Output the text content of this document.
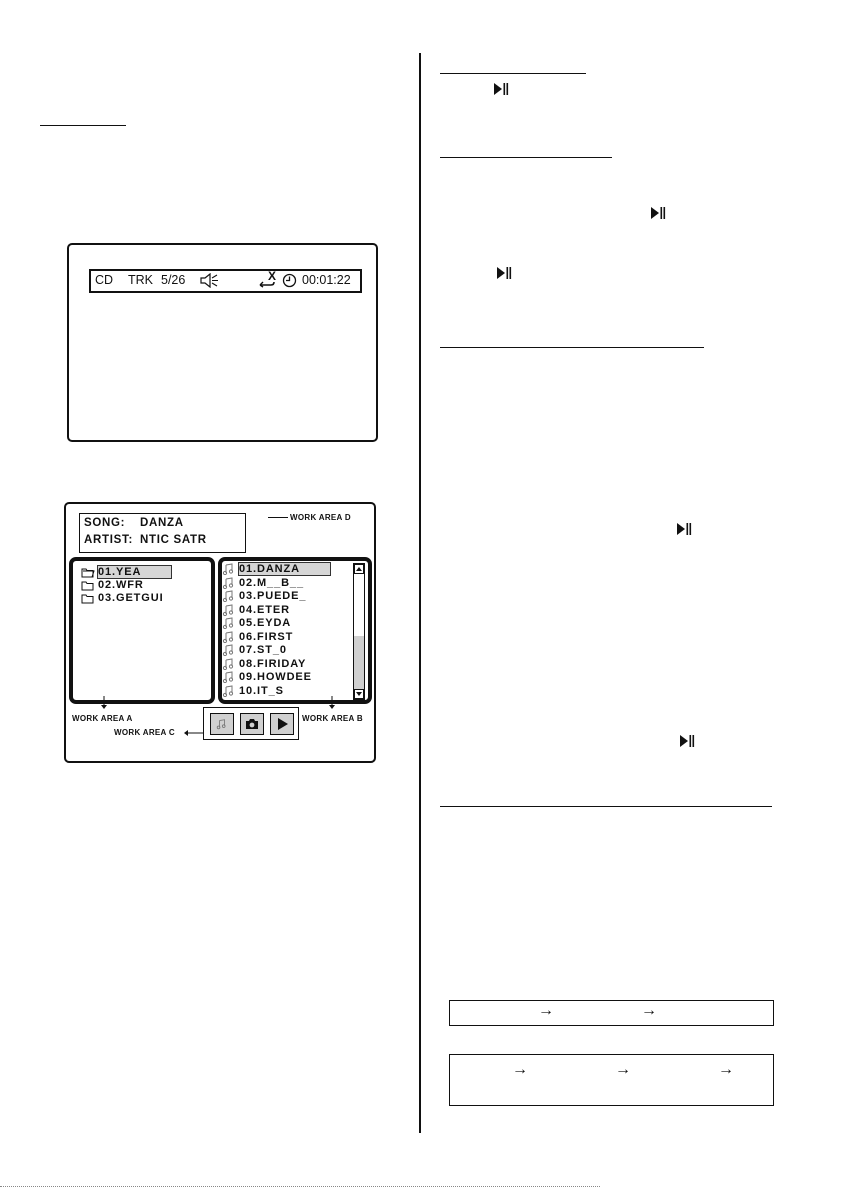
CD TRK 5/26	X 00:01:22
SONG: DANZA
ARTIST: NTIC SATR
WORK AREA D
01.YEA
02.WFR
03.GETGUI
01.DANZA
02.M__B__
03.PUEDE_
04.ETER
05.EYDA
06.FIRST
07.ST_0
08.FIRIDAY
09.HOWDEE
10.IT_S
WORK AREA A	WORK AREA B
WORK AREA C
→	→
→	→	→
